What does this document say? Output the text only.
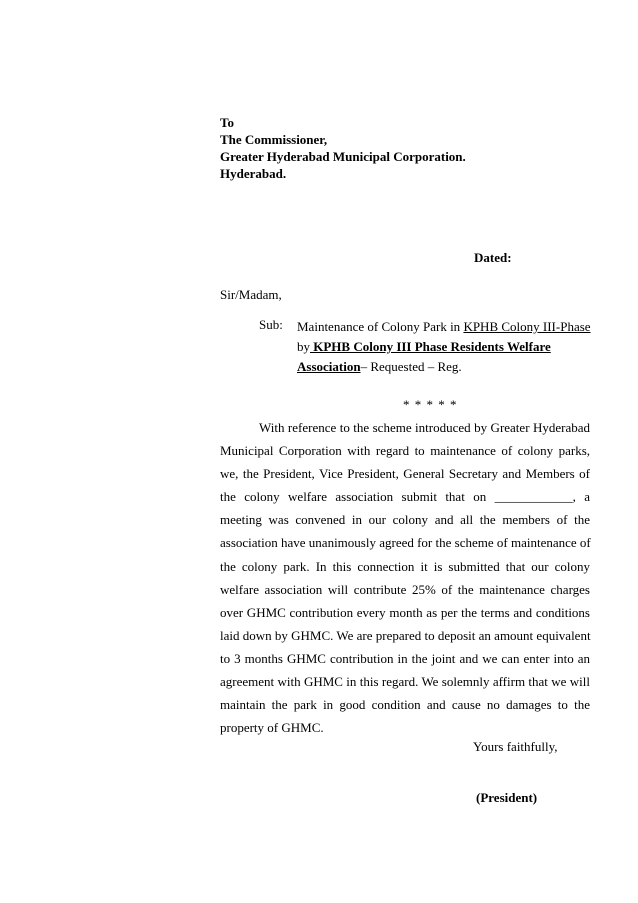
To
The Commissioner,
Greater Hyderabad Municipal Corporation.
Hyderabad.
Dated:
Sir/Madam,
Sub: Maintenance of Colony Park in KPHB Colony III-Phase
by KPHB Colony III Phase Residents Welfare
Association– Requested – Reg.
* * * * *
With reference to the scheme introduced by Greater Hyderabad
Municipal Corporation with regard to maintenance of colony parks,
we, the President, Vice President, General Secretary and Members of
the colony welfare association submit that on ____________, a
meeting was convened in our colony and all the members of the
association have unanimously agreed for the scheme of maintenance of
the colony park. In this connection it is submitted that our colony
welfare association will contribute 25% of the maintenance charges
over GHMC contribution every month as per the terms and conditions
laid down by GHMC. We are prepared to deposit an amount equivalent
to 3 months GHMC contribution in the joint and we can enter into an
agreement with GHMC in this regard. We solemnly affirm that we will
maintain the park in good condition and cause no damages to the
property of GHMC.
Yours faithfully,
(President)
